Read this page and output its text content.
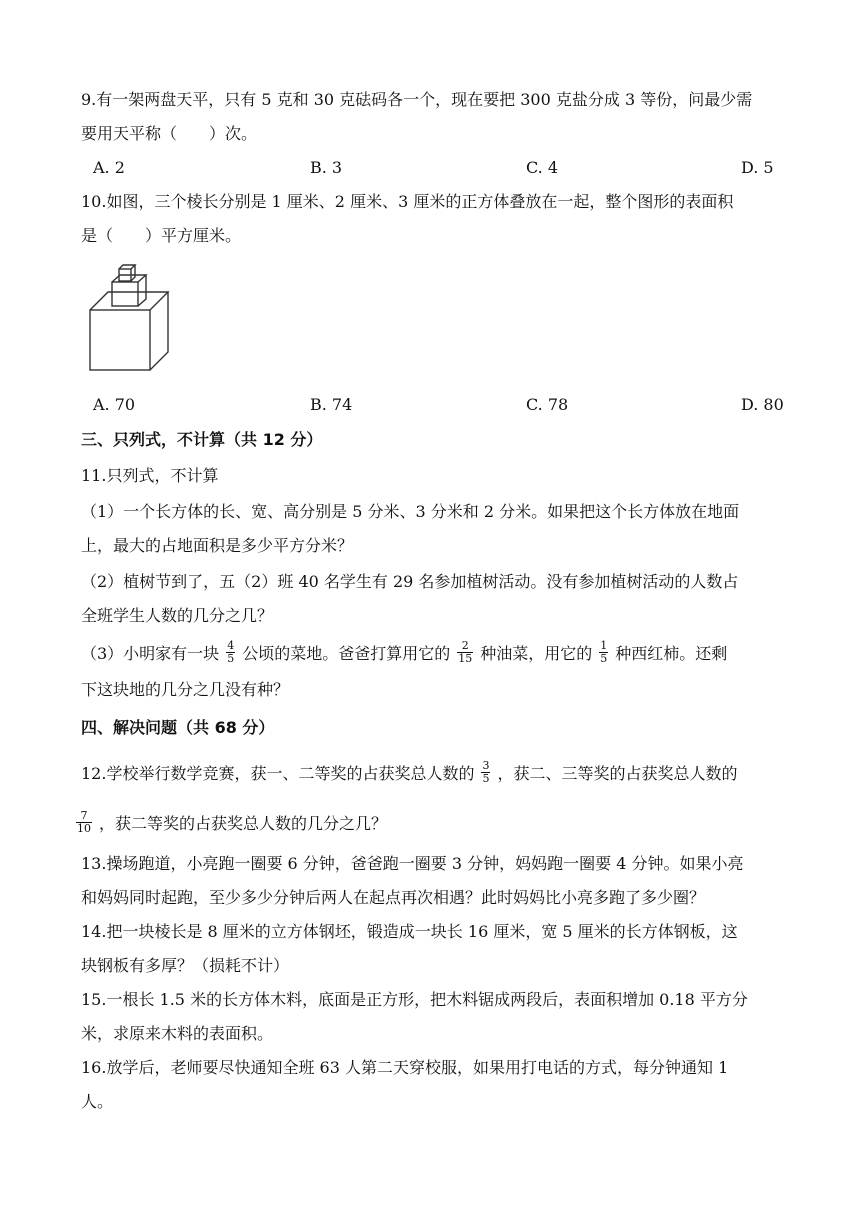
9.有一架两盘天平，只有 5 克和 30 克砝码各一个，现在要把 300 克盐分成 3 等份，问最少需
要用天平称（　　）次。
A. 2	B. 3	C. 4	D. 5
10.如图，三个棱长分别是 1 厘米、2 厘米、3 厘米的正方体叠放在一起，整个图形的表面积
是（　　）平方厘米。
A. 70	B. 74	C. 78	D. 80
三、只列式，不计算（共 12 分）
11.只列式，不计算
（1）一个长方体的长、宽、高分别是 5 分米、3 分米和 2 分米。如果把这个长方体放在地面
上，最大的占地面积是多少平方分米？
（2）植树节到了，五（2）班 40 名学生有 29 名参加植树活动。没有参加植树活动的人数占
全班学生人数的几分之几？
（3）小明家有一块 $\frac{4}{5}$ 公顷的菜地。爸爸打算用它的 $\frac{2}{15}$ 种油菜，用它的 $\frac{1}{5}$ 种西红柿。还剩
下这块地的几分之几没有种？
四、解决问题（共 68 分）
12.学校举行数学竞赛，获一、二等奖的占获奖总人数的 $\frac{3}{5}$ ，获二、三等奖的占获奖总人数的
$\frac{7}{10}$ ，获二等奖的占获奖总人数的几分之几？
13.操场跑道，小亮跑一圈要 6 分钟，爸爸跑一圈要 3 分钟，妈妈跑一圈要 4 分钟。如果小亮
和妈妈同时起跑，至少多少分钟后两人在起点再次相遇？此时妈妈比小亮多跑了多少圈？
14.把一块棱长是 8 厘米的立方体钢坯，锻造成一块长 16 厘米，宽 5 厘米的长方体钢板，这
块钢板有多厚？（损耗不计）
15.一根长 1.5 米的长方体木料，底面是正方形，把木料锯成两段后，表面积增加 0.18 平方分
米，求原来木料的表面积。
16.放学后，老师要尽快通知全班 63 人第二天穿校服，如果用打电话的方式，每分钟通知 1
人。
